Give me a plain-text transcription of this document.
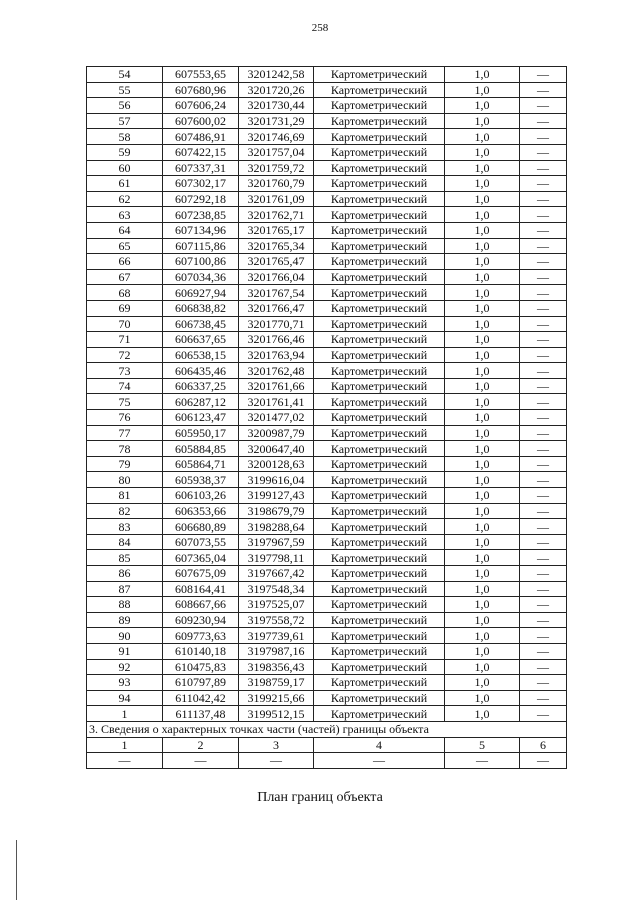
258
54	607553,65	3201242,58	Картометрический	1,0	—
55	607680,96	3201720,26	Картометрический	1,0	—
56	607606,24	3201730,44	Картометрический	1,0	—
57	607600,02	3201731,29	Картометрический	1,0	—
58	607486,91	3201746,69	Картометрический	1,0	—
59	607422,15	3201757,04	Картометрический	1,0	—
60	607337,31	3201759,72	Картометрический	1,0	—
61	607302,17	3201760,79	Картометрический	1,0	—
62	607292,18	3201761,09	Картометрический	1,0	—
63	607238,85	3201762,71	Картометрический	1,0	—
64	607134,96	3201765,17	Картометрический	1,0	—
65	607115,86	3201765,34	Картометрический	1,0	—
66	607100,86	3201765,47	Картометрический	1,0	—
67	607034,36	3201766,04	Картометрический	1,0	—
68	606927,94	3201767,54	Картометрический	1,0	—
69	606838,82	3201766,47	Картометрический	1,0	—
70	606738,45	3201770,71	Картометрический	1,0	—
71	606637,65	3201766,46	Картометрический	1,0	—
72	606538,15	3201763,94	Картометрический	1,0	—
73	606435,46	3201762,48	Картометрический	1,0	—
74	606337,25	3201761,66	Картометрический	1,0	—
75	606287,12	3201761,41	Картометрический	1,0	—
76	606123,47	3201477,02	Картометрический	1,0	—
77	605950,17	3200987,79	Картометрический	1,0	—
78	605884,85	3200647,40	Картометрический	1,0	—
79	605864,71	3200128,63	Картометрический	1,0	—
80	605938,37	3199616,04	Картометрический	1,0	—
81	606103,26	3199127,43	Картометрический	1,0	—
82	606353,66	3198679,79	Картометрический	1,0	—
83	606680,89	3198288,64	Картометрический	1,0	—
84	607073,55	3197967,59	Картометрический	1,0	—
85	607365,04	3197798,11	Картометрический	1,0	—
86	607675,09	3197667,42	Картометрический	1,0	—
87	608164,41	3197548,34	Картометрический	1,0	—
88	608667,66	3197525,07	Картометрический	1,0	—
89	609230,94	3197558,72	Картометрический	1,0	—
90	609773,63	3197739,61	Картометрический	1,0	—
91	610140,18	3197987,16	Картометрический	1,0	—
92	610475,83	3198356,43	Картометрический	1,0	—
93	610797,89	3198759,17	Картометрический	1,0	—
94	611042,42	3199215,66	Картометрический	1,0	—
1	611137,48	3199512,15	Картометрический	1,0	—
3. Сведения о характерных точках части (частей) границы объекта					
1	2	3	4	5	6
—	—	—	—	—	—
План границ объекта
